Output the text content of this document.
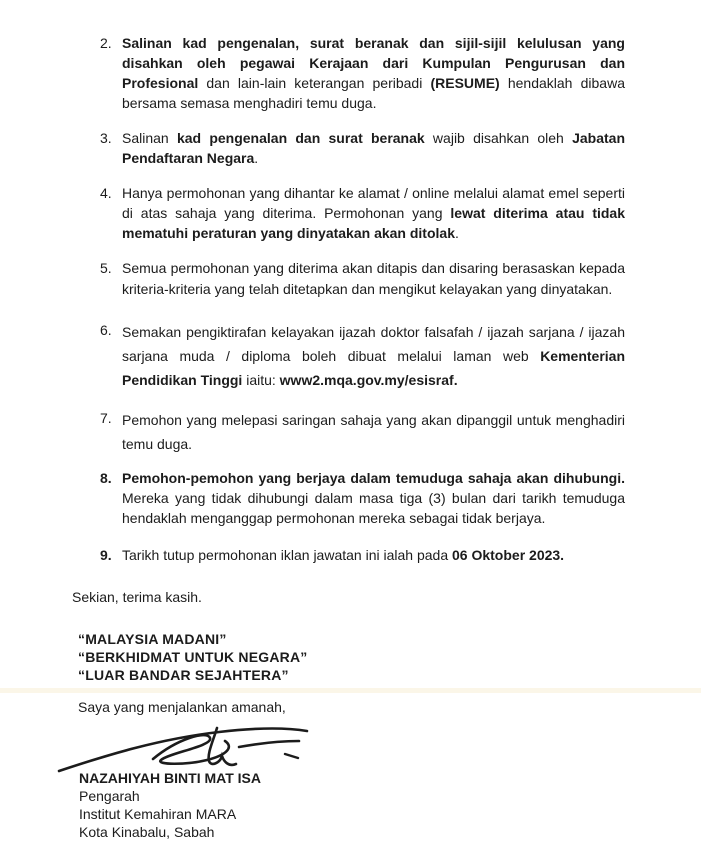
2. Salinan kad pengenalan, surat beranak dan sijil-sijil kelulusan yang disahkan oleh pegawai Kerajaan dari Kumpulan Pengurusan dan Profesional dan lain-lain keterangan peribadi (RESUME) hendaklah dibawa bersama semasa menghadiri temu duga.

3. Salinan kad pengenalan dan surat beranak wajib disahkan oleh Jabatan Pendaftaran Negara.

4. Hanya permohonan yang dihantar ke alamat / online melalui alamat emel seperti di atas sahaja yang diterima. Permohonan yang lewat diterima atau tidak mematuhi peraturan yang dinyatakan akan ditolak.

5. Semua permohonan yang diterima akan ditapis dan disaring berasaskan kepada kriteria-kriteria yang telah ditetapkan dan mengikut kelayakan yang dinyatakan.

6. Semakan pengiktirafan kelayakan ijazah doktor falsafah / ijazah sarjana / ijazah sarjana muda / diploma boleh dibuat melalui laman web Kementerian Pendidikan Tinggi iaitu: www2.mqa.gov.my/esisraf.

7. Pemohon yang melepasi saringan sahaja yang akan dipanggil untuk menghadiri temu duga.

8. Pemohon-pemohon yang berjaya dalam temuduga sahaja akan dihubungi. Mereka yang tidak dihubungi dalam masa tiga (3) bulan dari tarikh temuduga hendaklah menganggap permohonan mereka sebagai tidak berjaya.

9. Tarikh tutup permohonan iklan jawatan ini ialah pada 06 Oktober 2023.

Sekian, terima kasih.

“MALAYSIA MADANI”

“BERKHIDMAT UNTUK NEGARA”

“LUAR BANDAR SEJAHTERA”

Saya yang menjalankan amanah,

NAZAHIYAH BINTI MAT ISA

Pengarah

Institut Kemahiran MARA

Kota Kinabalu, Sabah
